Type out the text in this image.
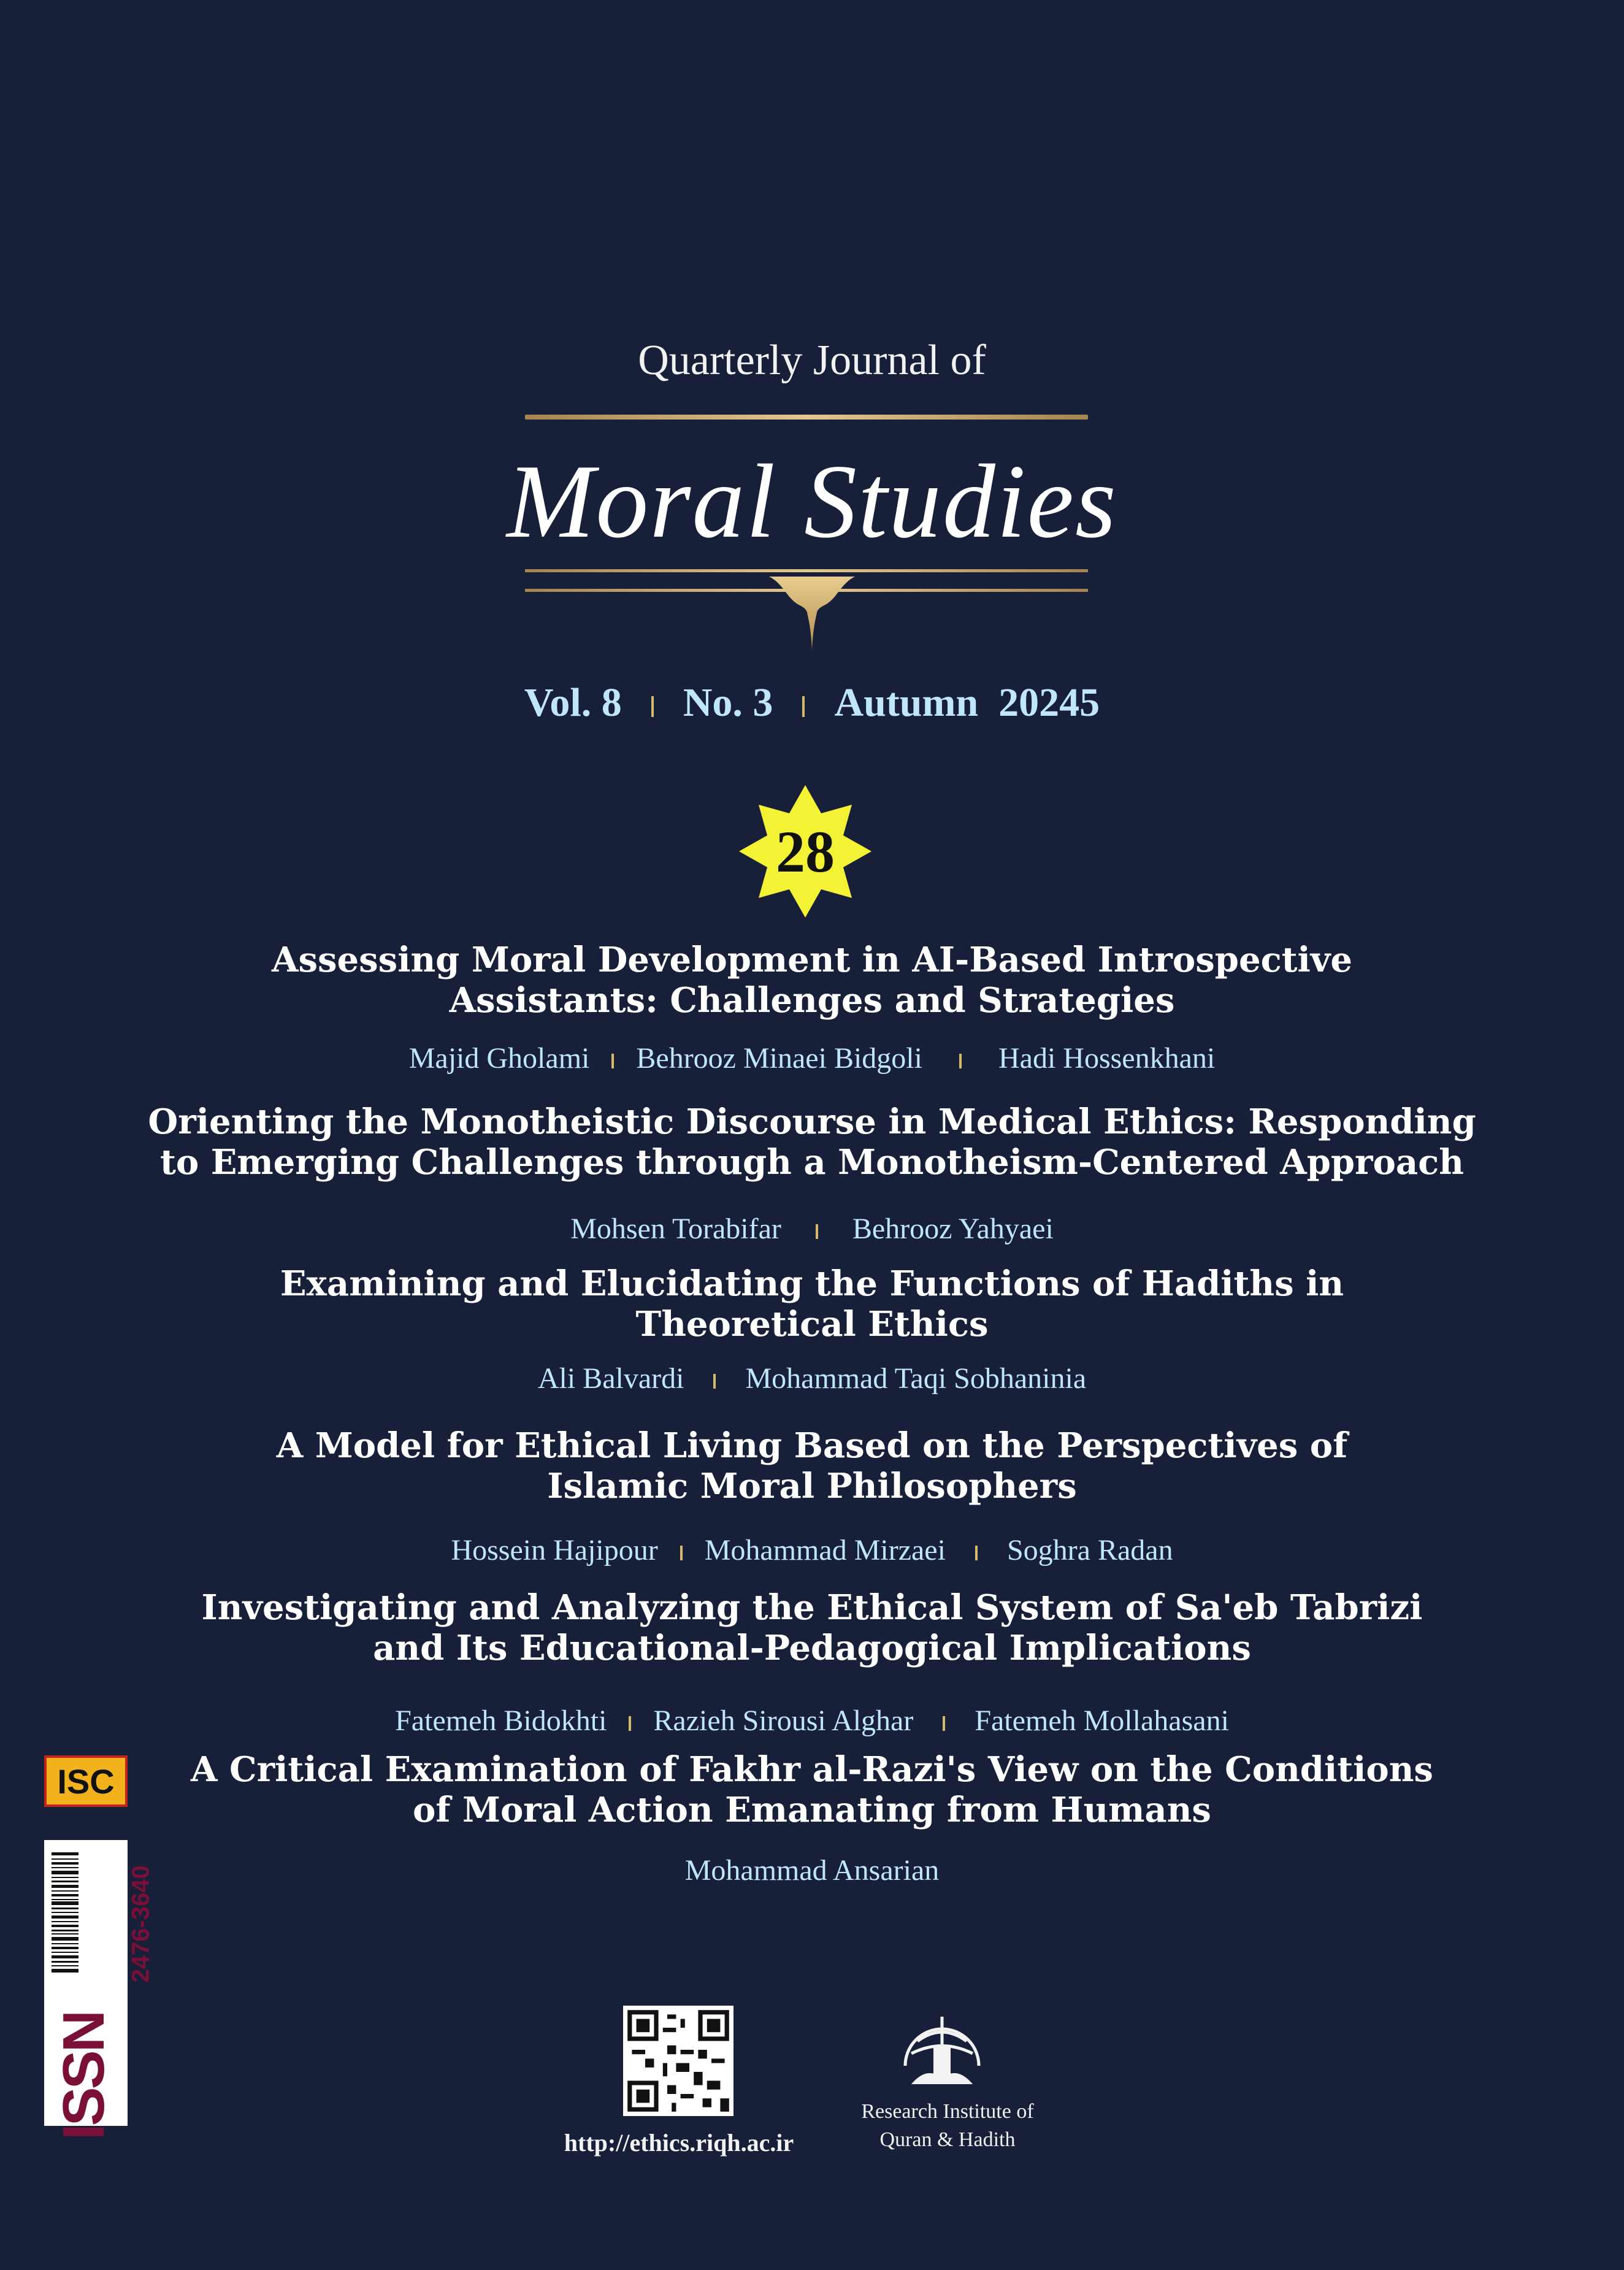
Quarterly Journal of
Moral Studies
Vol. 8 No. 3 Autumn  20245
28
Assessing Moral Development in AI-Based Introspective
Assistants: Challenges and Strategies
Majid Gholami Behrooz Minaei Bidgoli	Hadi Hossenkhani
Orienting the Monotheistic Discourse in Medical Ethics: Responding
to Emerging Challenges through a Monotheism-Centered Approach
Mohsen Torabifar Behrooz Yahyaei
Examining and Elucidating the Functions of Hadiths in
Theoretical Ethics
Ali Balvardi Mohammad Taqi Sobhaninia
A Model for Ethical Living Based on the Perspectives of
Islamic Moral Philosophers
Hossein Hajipour Mohammad Mirzaei Soghra Radan
Investigating and Analyzing the Ethical System of Sa'eb Tabrizi
and Its Educational-Pedagogical Implications
Fatemeh Bidokhti Razieh Sirousi Alghar Fatemeh Mollahasani
A Critical Examination of Fakhr al-Razi's View on the Conditions
of Moral Action Emanating from Humans
Mohammad Ansarian
ISC
2476-3640
ISSN
http://ethics.riqh.ac.ir
Research Institute of
Quran & Hadith
